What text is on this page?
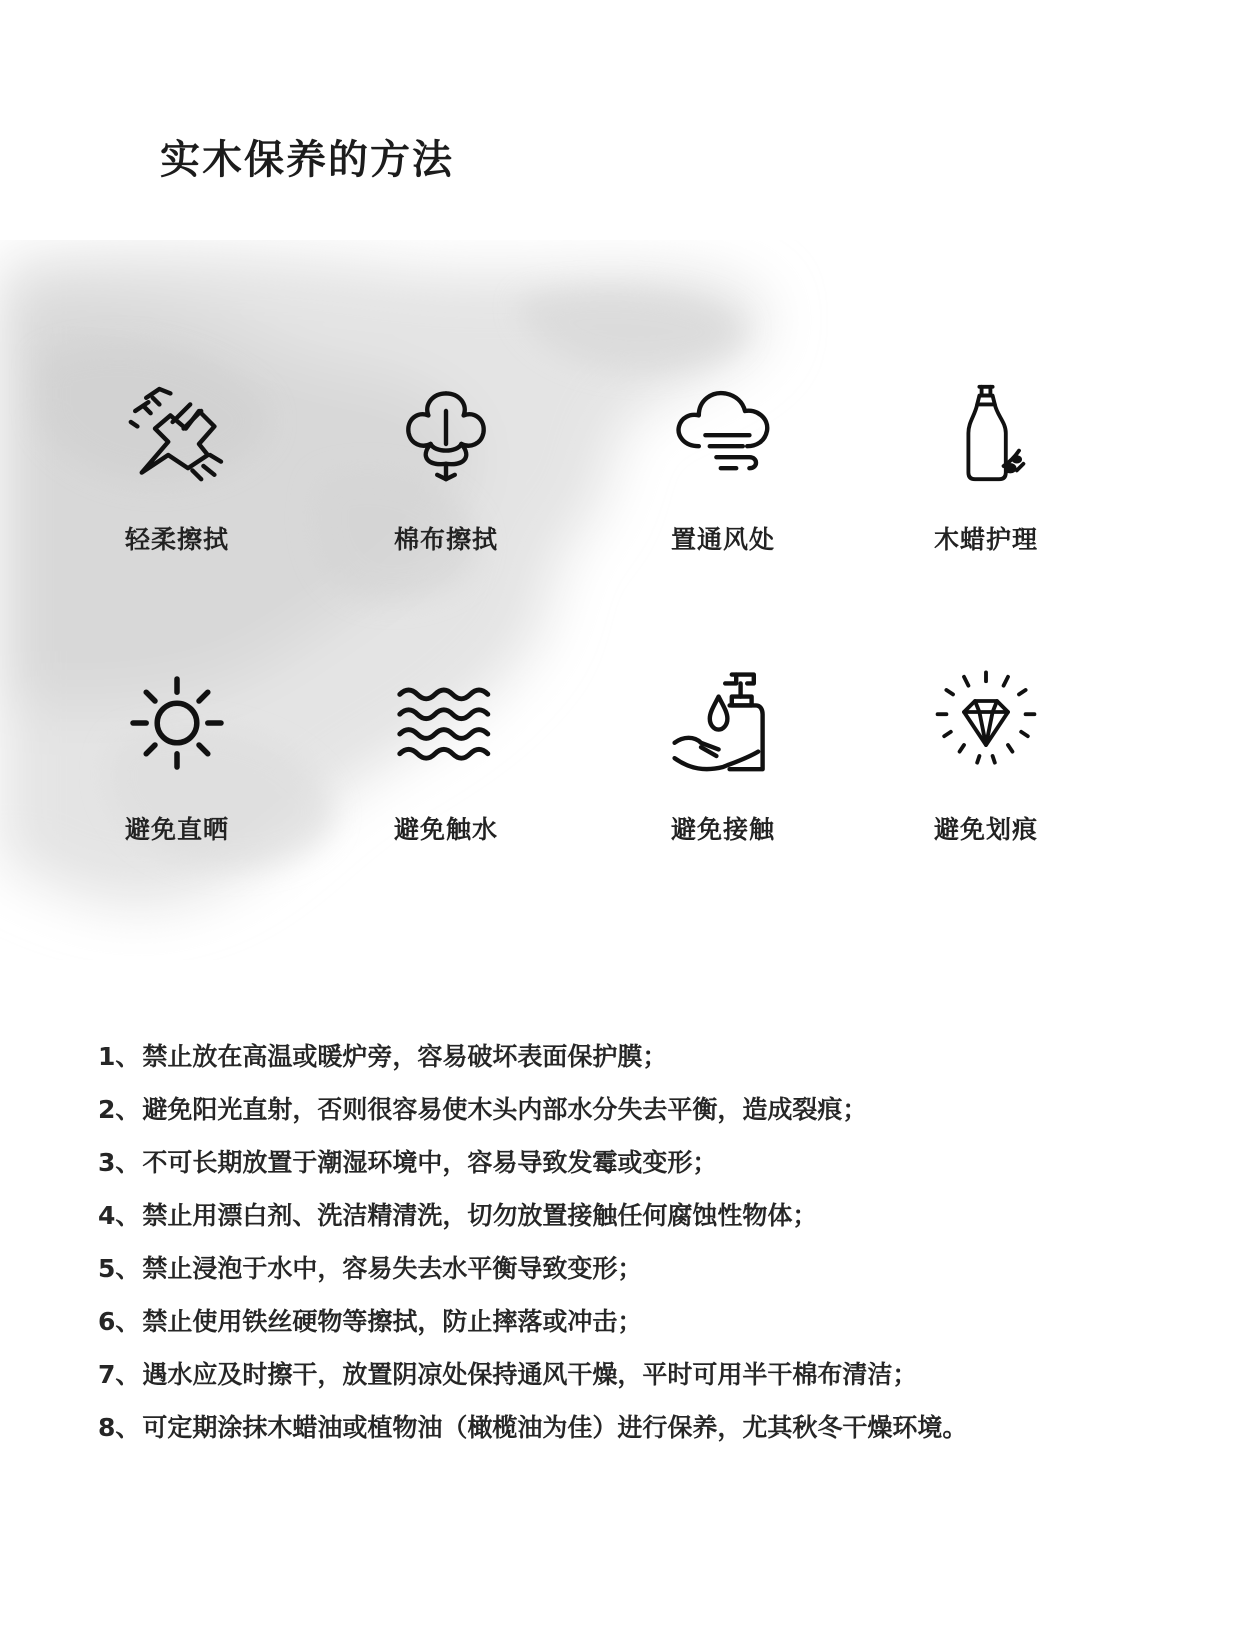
实木保养的方法
轻柔擦拭	棉布擦拭	置通风处	木蜡护理
避免直晒	避免触水	避免接触	避免划痕
1、禁止放在高温或暖炉旁，容易破坏表面保护膜；
2、避免阳光直射，否则很容易使木头内部水分失去平衡，造成裂痕；
3、不可长期放置于潮湿环境中，容易导致发霉或变形；
4、禁止用漂白剂、洗洁精清洗，切勿放置接触任何腐蚀性物体；
5、禁止浸泡于水中，容易失去水平衡导致变形；
6、禁止使用铁丝硬物等擦拭，防止摔落或冲击；
7、遇水应及时擦干，放置阴凉处保持通风干燥，平时可用半干棉布清洁；
8、可定期涂抹木蜡油或植物油（橄榄油为佳）进行保养，尤其秋冬干燥环境。
